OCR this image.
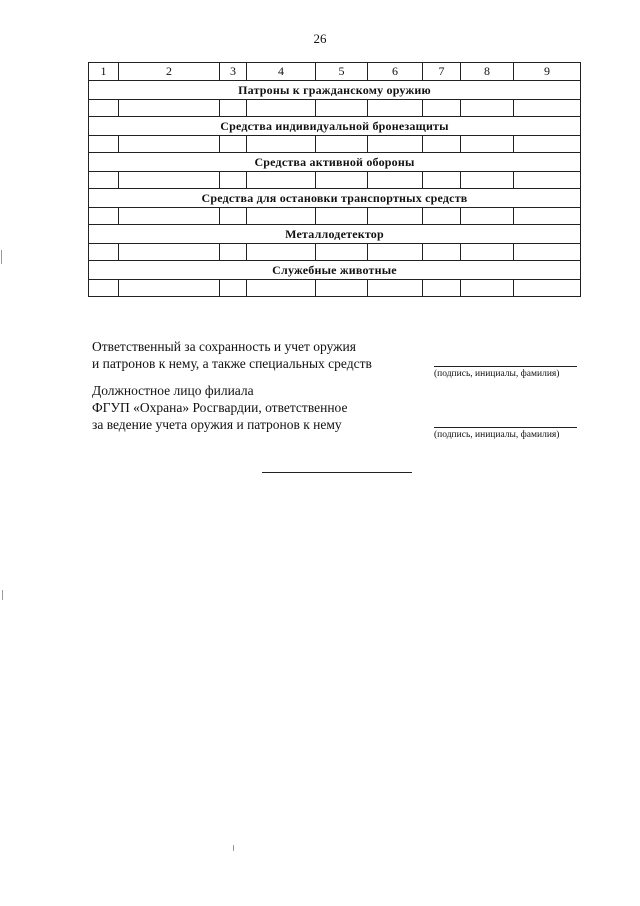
26
1	2	3	4	5	6	7	8	9
Патроны к гражданскому оружию								

Средства индивидуальной бронезащиты								

Средства активной обороны								

Средства для остановки транспортных средств								

Металлодетектор								

Служебные животные								

Ответственный за сохранность и учет оружия
и патронов к нему, а также специальных средств
(подпись, инициалы, фамилия)
Должностное лицо филиала
ФГУП «Охрана» Росгвардии, ответственное
за ведение учета оружия и патронов к нему
(подпись, инициалы, фамилия)
